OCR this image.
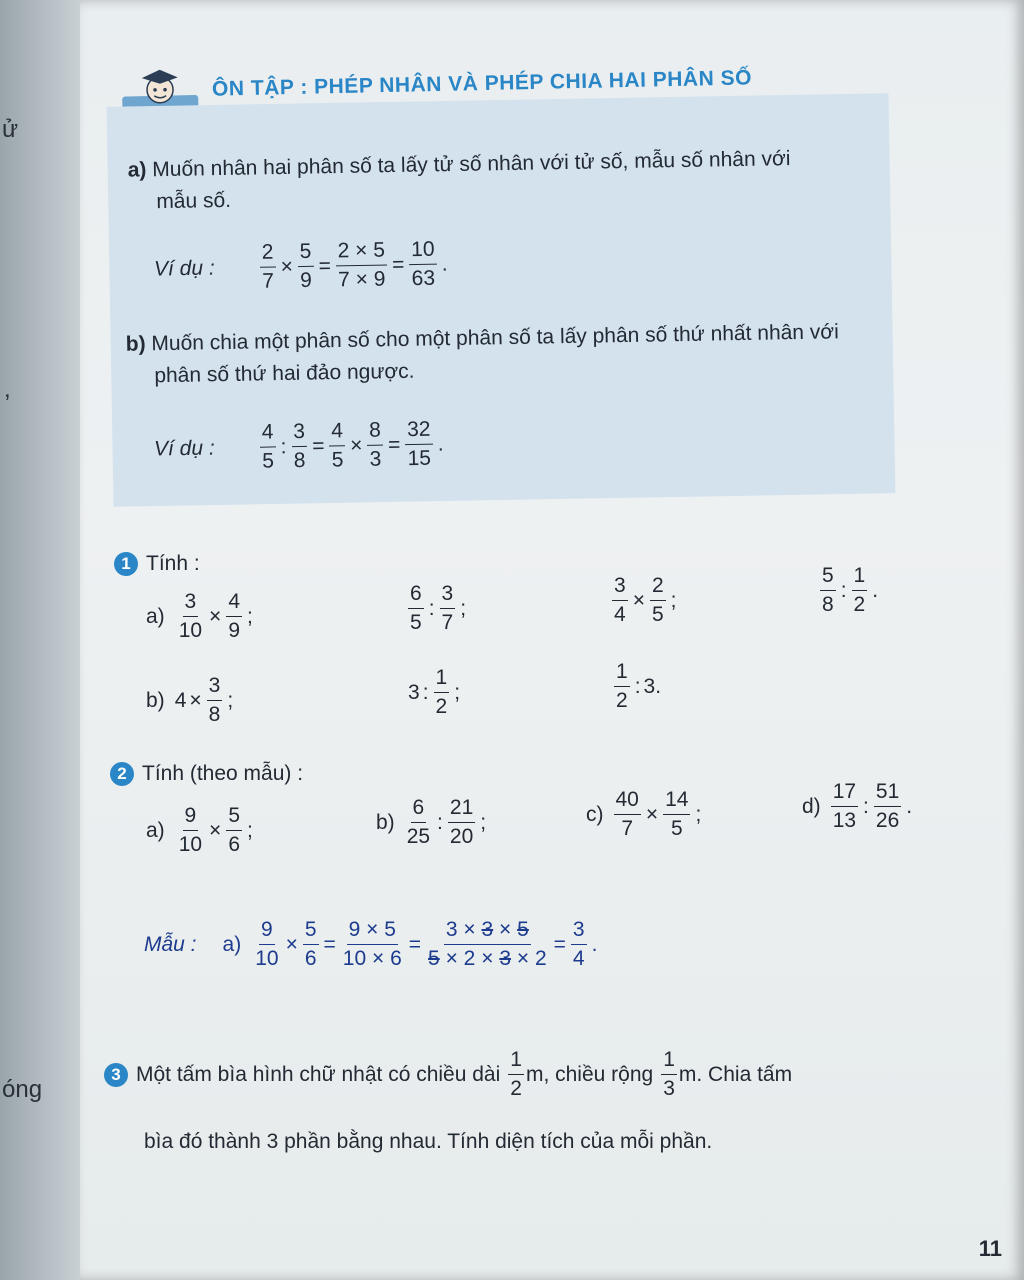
ử
,
óng
ÔN TẬP : PHÉP NHÂN VÀ PHÉP CHIA HAI PHÂN SỐ
a) Muốn nhân hai phân số ta lấy tử số nhân với tử số, mẫu số nhân với
mẫu số.
Ví dụ :	$\frac{2}{7} \times \frac{5}{9} = \frac{2 \times 5}{7 \times 9} = \frac{10}{63}$ .
b) Muốn chia một phân số cho một phân số ta lấy phân số thứ nhất nhân với
phân số thứ hai đảo ngược.
Ví dụ :	$\frac{4}{5}$ : $\frac{3}{8} = \frac{4}{5} \times \frac{8}{3} = \frac{32}{15}$ .
1 Tính :
$a) \frac{3}{10} \times \frac{4}{9}$ ;	$\frac{6}{5}$ : $\frac{3}{7}$ ;	$\frac{3}{4} \times \frac{2}{5}$ ;	$\frac{5}{8}$ : $\frac{1}{2}$ .
b) $4 \times \frac{3}{8}$ ;	3 : $\frac{1}{2}$ ;	$\frac{1}{2}$ : 3.
2 Tính (theo mẫu) :
$a) \frac{9}{10} \times \frac{5}{6}$ ;	$b) \frac{6}{25}$ : $\frac{21}{20}$ ;	$c) \frac{40}{7} \times \frac{14}{5}$ ;	$d) \frac{17}{13}$ : $\frac{51}{26}$ .
Mẫu : $a) \frac{9}{10} \times \frac{5}{6} = \frac{9 \times 5}{10 \times 6} = \frac{3 \times 3 \times 5}{5 \times 2 \times 3 \times 2} = \frac{3}{4}$ .
3 Một tấm bìa hình chữ nhật có chiều dài $\frac{1}{2} m$, chiều rộng $\frac{1}{3} m$. Chia tấm
bìa đó thành 3 phần bằng nhau. Tính diện tích của mỗi phần.
11
